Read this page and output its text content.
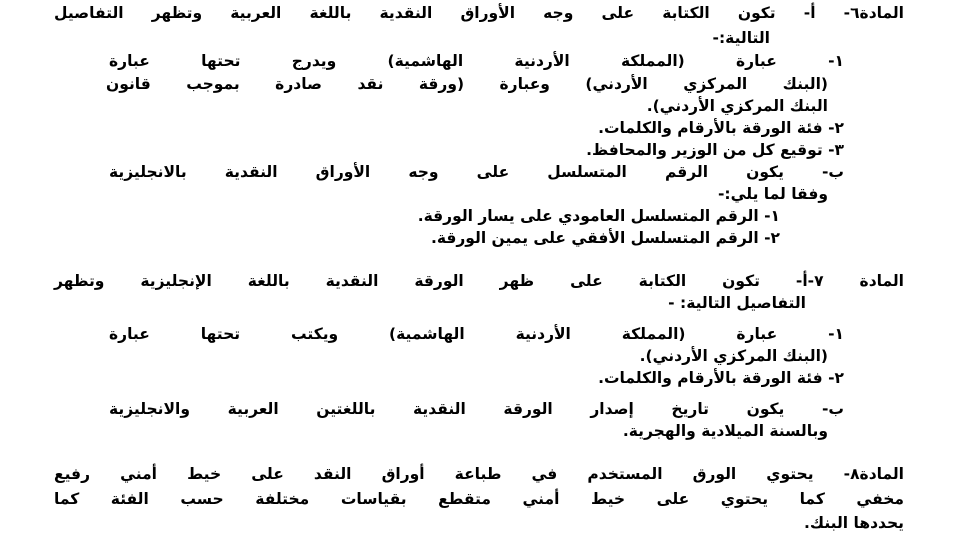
المادة٦- أ- تكون الكتابة على وجه الأوراق النقدية باللغة العربية وتظهر التفاصيل
التالية:-
١- عبارة (المملكة الأردنية الهاشمية) ويدرج تحتها عبارة
(البنك المركزي الأردني) وعبارة (ورقة نقد صادرة بموجب قانون
البنك المركزي الأردني).
٢- فئة الورقة بالأرقام والكلمات.
٣- توقيع كل من الوزير والمحافظ.
ب- يكون الرقم المتسلسل على وجه الأوراق النقدية بالانجليزية
وفقا لما يلي:-
١- الرقم المتسلسل العامودي على يسار الورقة.
٢- الرقم المتسلسل الأفقي على يمين الورقة.
المادة ٧-أ- تكون الكتابة على ظهر الورقة النقدية باللغة الإنجليزية وتظهر
التفاصيل التالية: -
١- عبارة (المملكة الأردنية الهاشمية) ويكتب تحتها عبارة
(البنك المركزي الأردني).
٢- فئة الورقة بالأرقام والكلمات.
ب- يكون تاريخ إصدار الورقة النقدية باللغتين العربية والانجليزية
وبالسنة الميلادية والهجرية.
المادة٨- يحتوي الورق المستخدم في طباعة أوراق النقد على خيط أمني رفيع
مخفي كما يحتوي على خيط أمني متقطع بقياسات مختلفة حسب الفئة كما
يحددها البنك.
